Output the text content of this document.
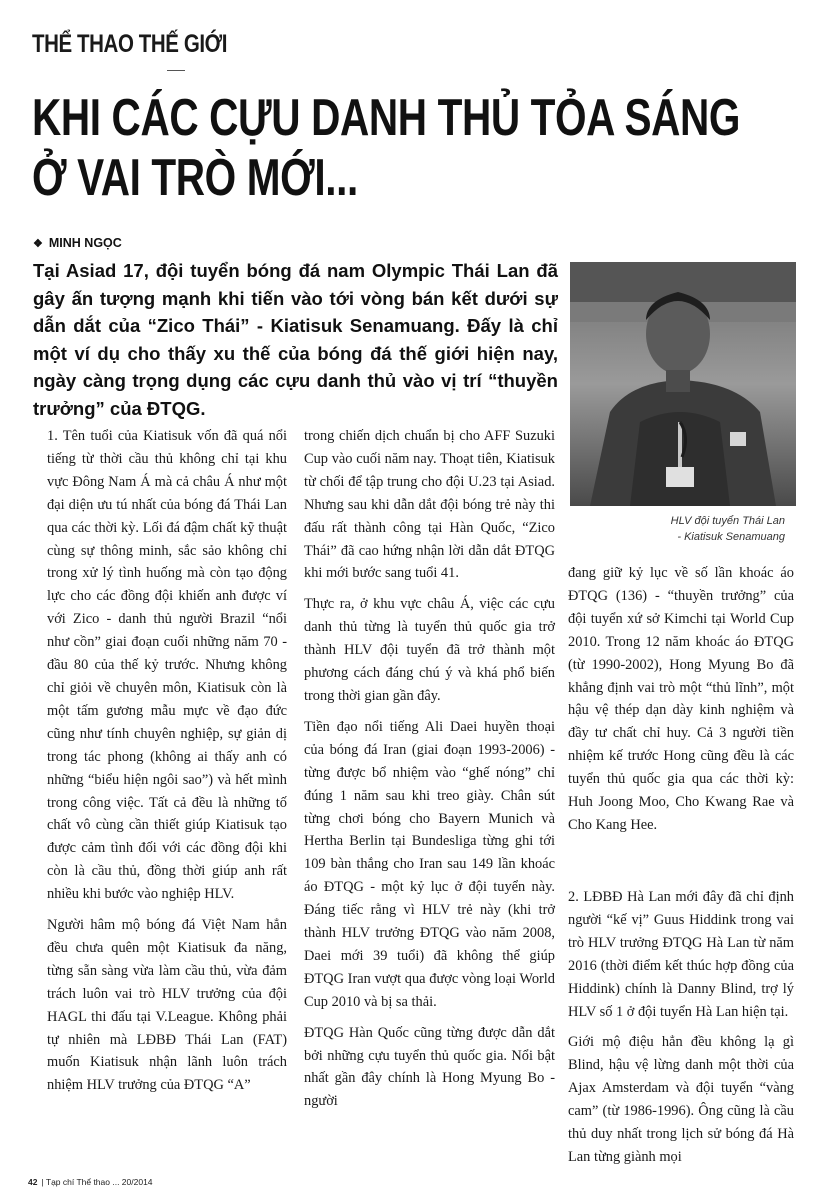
THỂ THAO THẾ GIỚI
KHI CÁC CỰU DANH THỦ TỎA SÁNG
Ở VAI TRÒ MỚI...
❖ MINH NGỌC
Tại Asiad 17, đội tuyển bóng đá nam Olympic Thái Lan đã gây ấn tượng mạnh khi tiến vào tới vòng bán kết dưới sự dẫn dắt của “Zico Thái” - Kiatisuk Senamuang. Đấy là chỉ một ví dụ cho thấy xu thế của bóng đá thế giới hiện nay, ngày càng trọng dụng các cựu danh thủ vào vị trí “thuyền trưởng” của ĐTQG.
HLV đội tuyển Thái Lan
- Kiatisuk Senamuang

1. Tên tuổi của Kiatisuk vốn đã quá nổi tiếng từ thời cầu thủ không chỉ tại khu vực Đông Nam Á mà cả châu Á như một đại diện ưu tú nhất của bóng đá Thái Lan qua các thời kỳ. Lối đá đậm chất kỹ thuật cùng sự thông minh, sắc sảo không chỉ trong xử lý tình huống mà còn tạo động lực cho các đồng đội khiến anh được ví với Zico - danh thủ người Brazil “nổi như cồn” giai đoạn cuối những năm 70 - đầu 80 của thế kỷ trước. Nhưng không chỉ giỏi về chuyên môn, Kiatisuk còn là một tấm gương mẫu mực về đạo đức cũng như tính chuyên nghiệp, sự giản dị trong tác phong (không ai thấy anh có những “biểu hiện ngôi sao”) và hết mình trong công việc. Tất cả đều là những tố chất vô cùng cần thiết giúp Kiatisuk tạo được cảm tình đối với các đồng đội khi còn là cầu thủ, đồng thời giúp anh rất nhiều khi bước vào nghiệp HLV.

Người hâm mộ bóng đá Việt Nam hẳn đều chưa quên một Kiatisuk đa năng, từng sẵn sàng vừa làm cầu thủ, vừa đảm trách luôn vai trò HLV trưởng của đội HAGL thi đấu tại V.League. Không phải tự nhiên mà LĐBĐ Thái Lan (FAT) muốn Kiatisuk nhận lãnh luôn trách nhiệm HLV trưởng của ĐTQG “A”

trong chiến dịch chuẩn bị cho AFF Suzuki Cup vào cuối năm nay. Thoạt tiên, Kiatisuk từ chối để tập trung cho đội U.23 tại Asiad. Nhưng sau khi dẫn dắt đội bóng trẻ này thi đấu rất thành công tại Hàn Quốc, “Zico Thái” đã cao hứng nhận lời dẫn dắt ĐTQG khi mới bước sang tuổi 41.

Thực ra, ở khu vực châu Á, việc các cựu danh thủ từng là tuyển thủ quốc gia trở thành HLV đội tuyển đã trở thành một phương cách đáng chú ý và khá phổ biến trong thời gian gần đây.

Tiền đạo nổi tiếng Ali Daei huyền thoại của bóng đá Iran (giai đoạn 1993-2006) - từng được bổ nhiệm vào “ghế nóng” chỉ đúng 1 năm sau khi treo giày. Chân sút từng chơi bóng cho Bayern Munich và Hertha Berlin tại Bundesliga từng ghi tới 109 bàn thắng cho Iran sau 149 lần khoác áo ĐTQG - một kỷ lục ở đội tuyển này. Đáng tiếc rằng vì HLV trẻ này (khi trở thành HLV trưởng ĐTQG vào năm 2008, Daei mới 39 tuổi) đã không thể giúp ĐTQG Iran vượt qua được vòng loại World Cup 2010 và bị sa thải.

ĐTQG Hàn Quốc cũng từng được dẫn dắt bởi những cựu tuyển thủ quốc gia. Nổi bật nhất gần đây chính là Hong Myung Bo - người

đang giữ kỷ lục về số lần khoác áo ĐTQG (136) - “thuyền trưởng” của đội tuyển xứ sở Kimchi tại World Cup 2010. Trong 12 năm khoác áo ĐTQG (từ 1990-2002), Hong Myung Bo đã khẳng định vai trò một “thủ lĩnh”, một hậu vệ thép dạn dày kinh nghiệm và đầy tư chất chỉ huy. Cả 3 người tiền nhiệm kế trước Hong cũng đều là các tuyển thủ quốc gia qua các thời kỳ: Huh Joong Moo, Cho Kwang Rae và Cho Kang Hee.

2. LĐBĐ Hà Lan mới đây đã chỉ định người “kế vị” Guus Hiddink trong vai trò HLV trưởng ĐTQG Hà Lan từ năm 2016 (thời điểm kết thúc hợp đồng của Hiddink) chính là Danny Blind, trợ lý HLV số 1 ở đội tuyển Hà Lan hiện tại.

Giới mộ điệu hẳn đều không lạ gì Blind, hậu vệ lừng danh một thời của Ajax Amsterdam và đội tuyển “vàng cam” (từ 1986-1996). Ông cũng là cầu thủ duy nhất trong lịch sử bóng đá Hà Lan từng giành mọi

42 | Tạp chí Thể thao ... 20/2014
